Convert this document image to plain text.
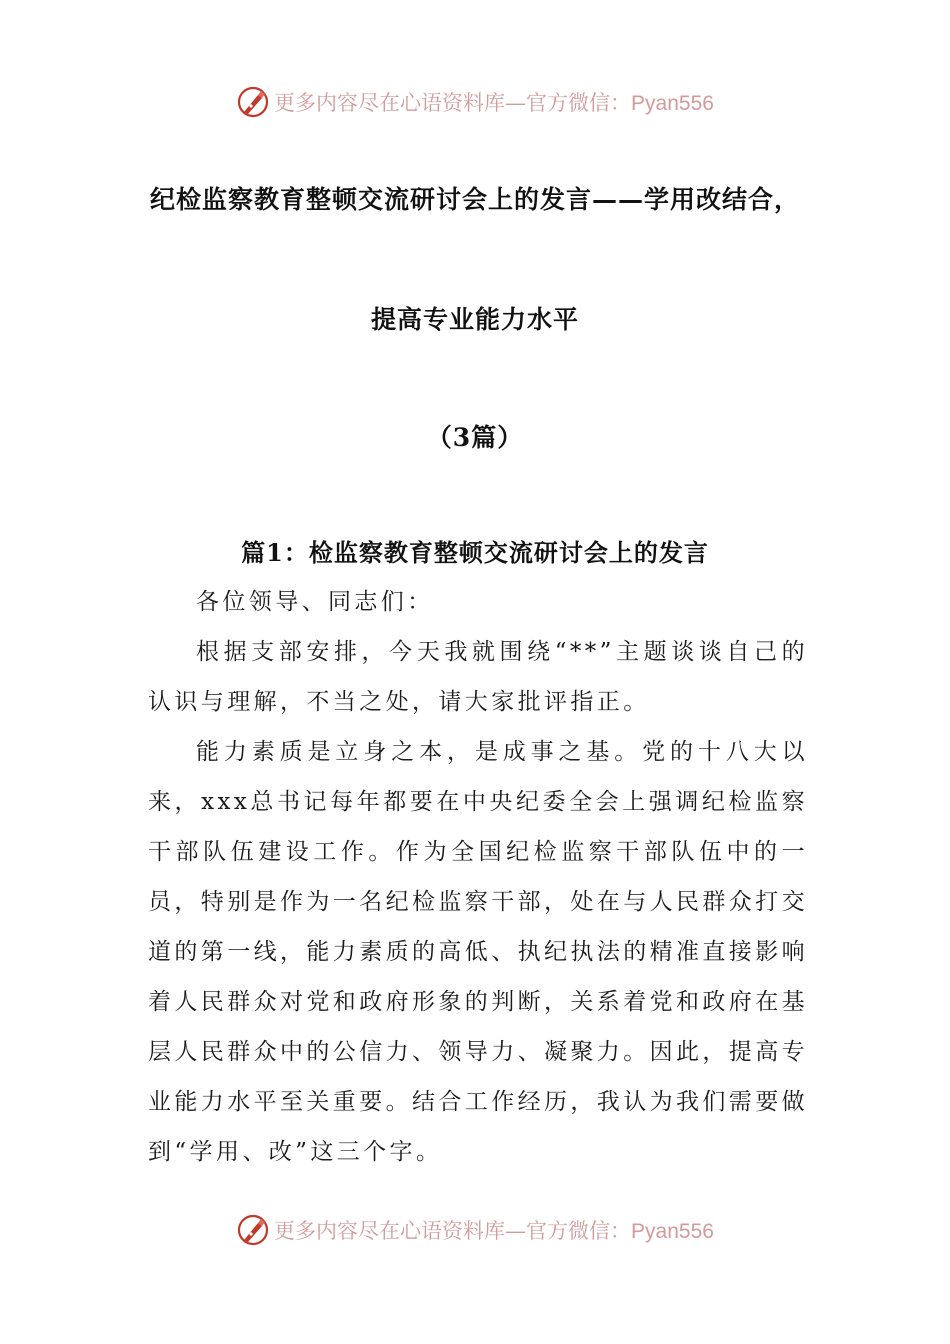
更多内容尽在心语资料库—官方微信：Pyan556
纪检监察教育整顿交流研讨会上的发言——学用改结合，
提高专业能力水平
（3篇）
篇1：检监察教育整顿交流研讨会上的发言
各位领导、同志们：
根据支部安排，今天我就围绕“**”主题谈谈自己的认识与理解，不当之处，请大家批评指正。
能力素质是立身之本，是成事之基。党的十八大以来，xxx总书记每年都要在中央纪委全会上强调纪检监察干部队伍建设工作。作为全国纪检监察干部队伍中的一员，特别是作为一名纪检监察干部，处在与人民群众打交道的第一线，能力素质的高低、执纪执法的精准直接影响着人民群众对党和政府形象的判断，关系着党和政府在基层人民群众中的公信力、领导力、凝聚力。因此，提高专业能力水平至关重要。结合工作经历，我认为我们需要做到“学用、改”这三个字。
更多内容尽在心语资料库—官方微信：Pyan556
